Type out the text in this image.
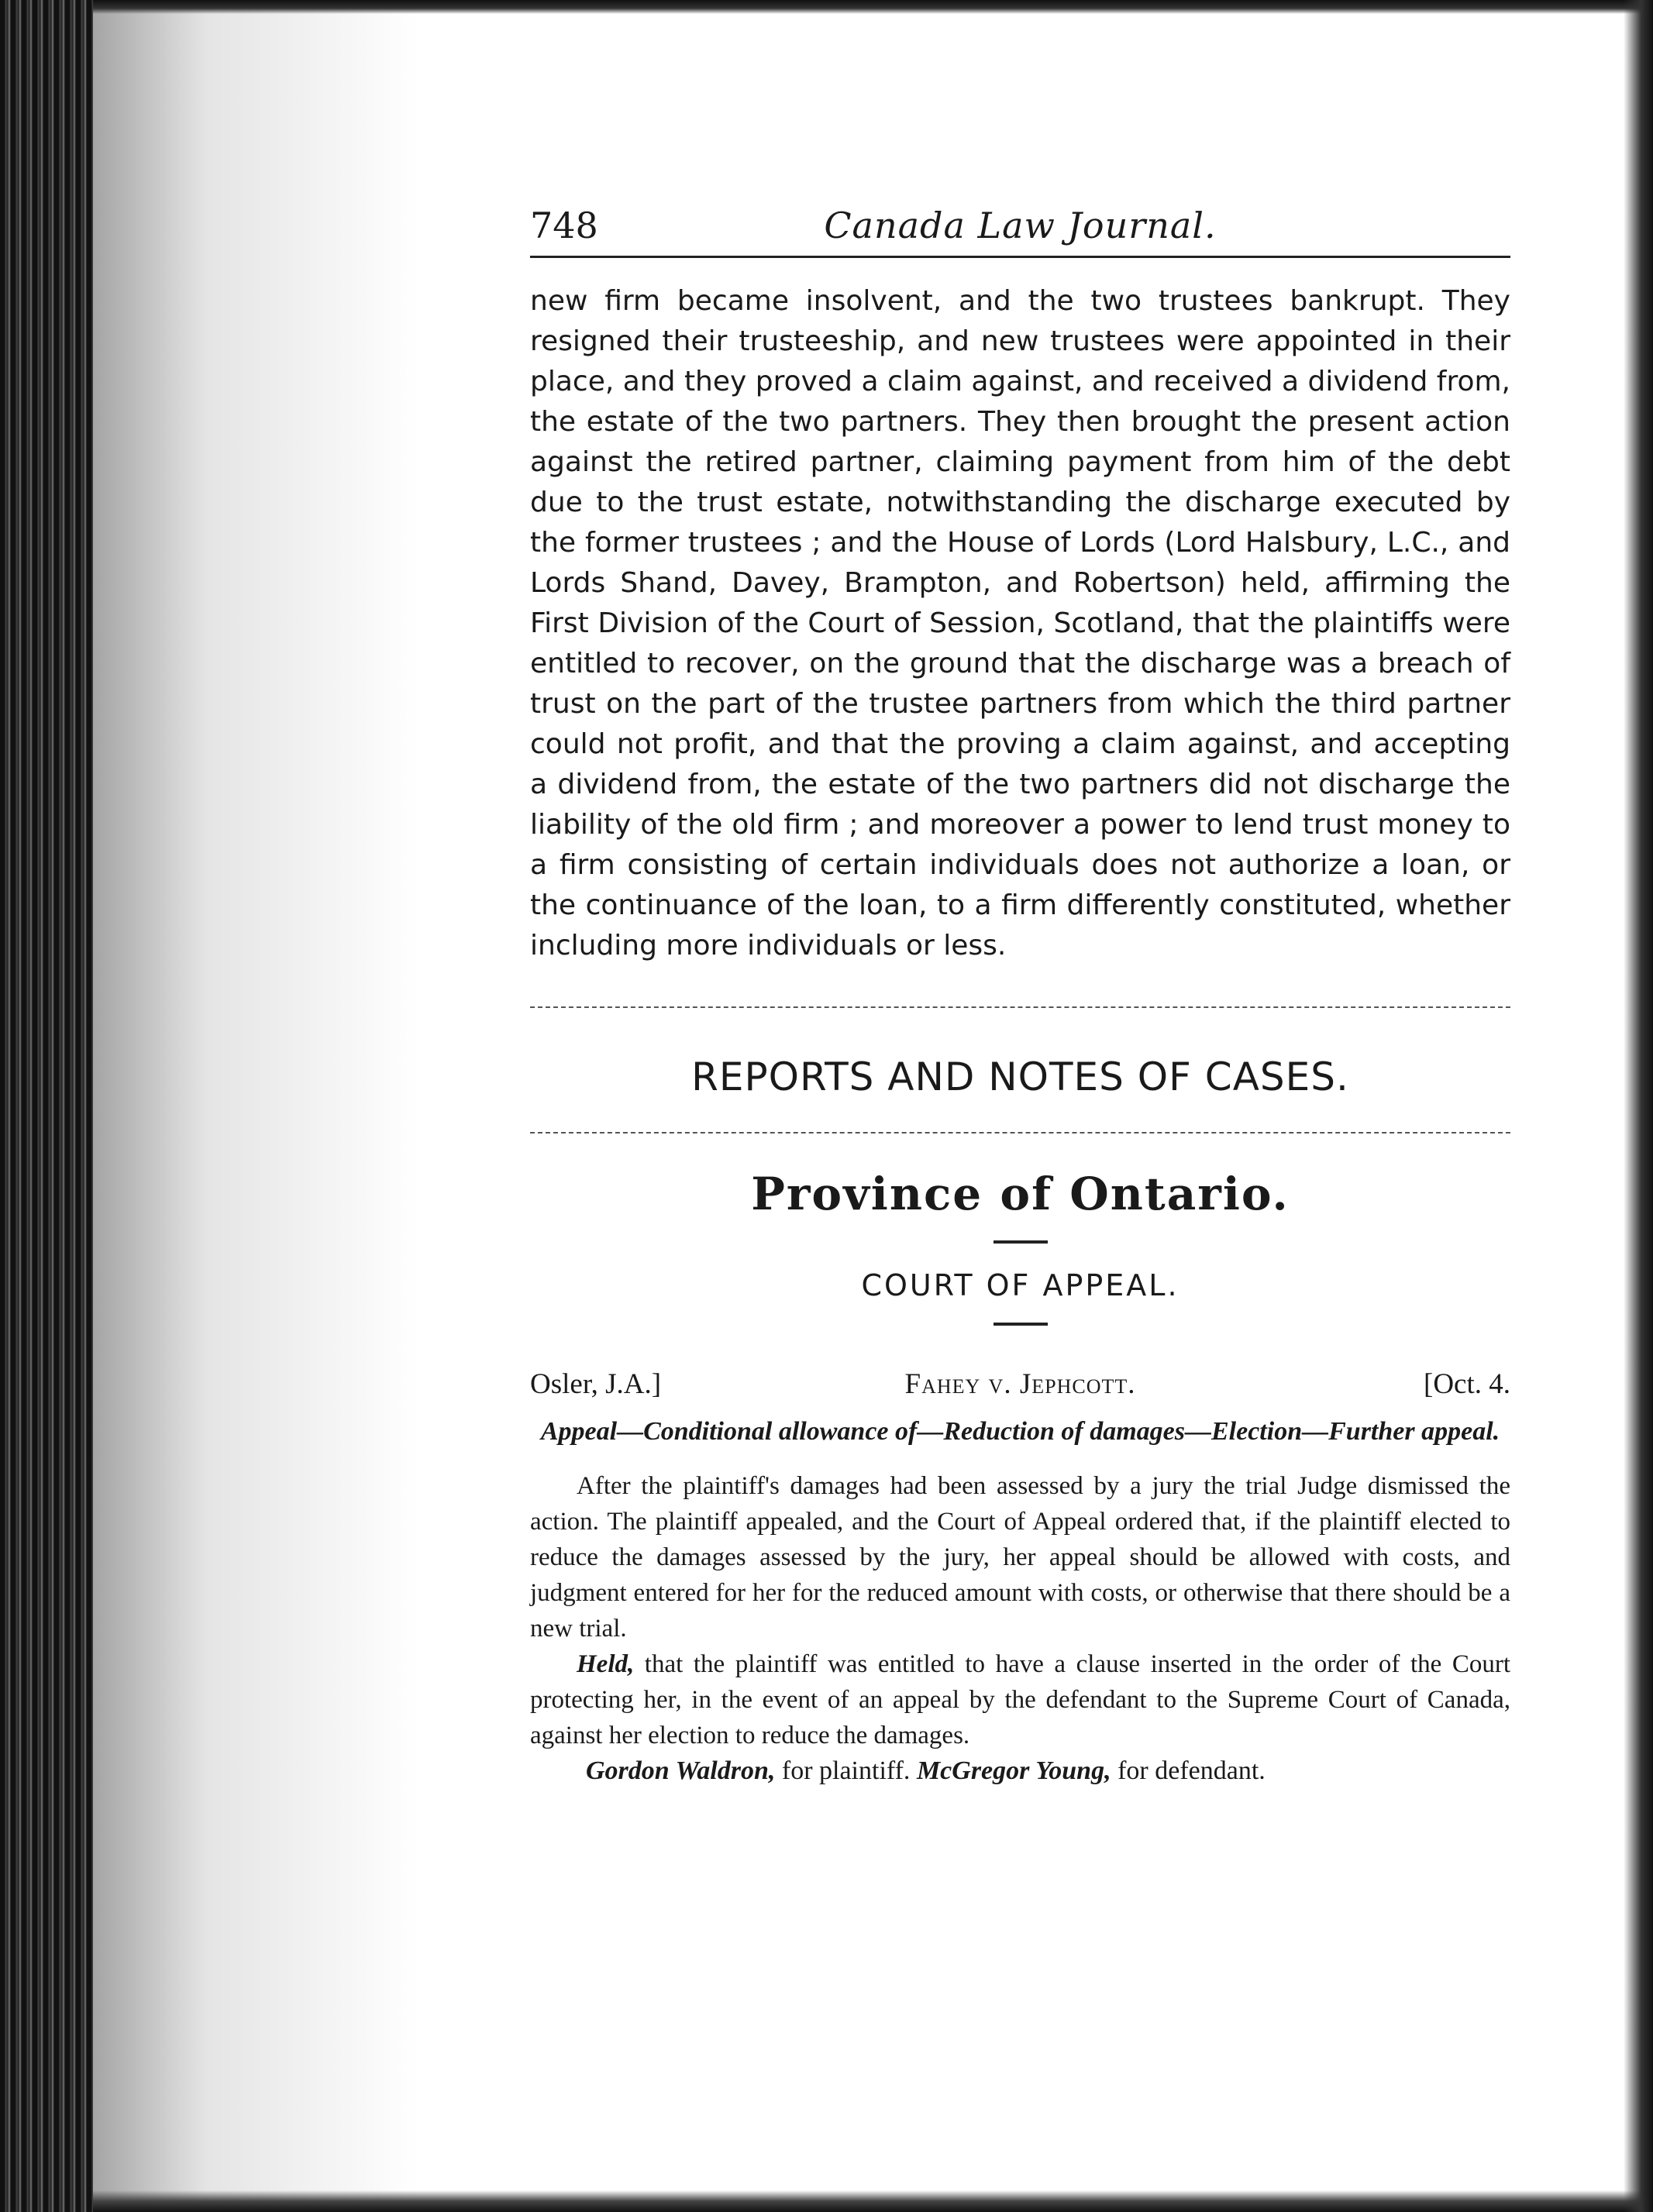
748	Canada Law Journal.

new firm became insolvent, and the two trustees bankrupt. They resigned their trusteeship, and new trustees were appointed in their place, and they proved a claim against, and received a dividend from, the estate of the two partners. They then brought the present action against the retired partner, claiming payment from him of the debt due to the trust estate, notwithstanding the discharge executed by the former trustees ; and the House of Lords (Lord Halsbury, L.C., and Lords Shand, Davey, Brampton, and Robertson) held, affirming the First Division of the Court of Session, Scotland, that the plaintiffs were entitled to recover, on the ground that the discharge was a breach of trust on the part of the trustee partners from which the third partner could not profit, and that the proving a claim against, and accepting a dividend from, the estate of the two partners did not discharge the liability of the old firm ; and moreover a power to lend trust money to a firm consisting of certain individuals does not authorize a loan, or the continuance of the loan, to a firm differently constituted, whether including more individuals or less.

REPORTS AND NOTES OF CASES.
Province of Ontario.
COURT OF APPEAL.
Osler, J.A.]	Fahey v. Jephcott.	[Oct. 4.
Appeal—Conditional allowance of—Reduction of damages—Election—Further appeal.

After the plaintiff's damages had been assessed by a jury the trial Judge dismissed the action. The plaintiff appealed, and the Court of Appeal ordered that, if the plaintiff elected to reduce the damages assessed by the jury, her appeal should be allowed with costs, and judgment entered for her for the reduced amount with costs, or otherwise that there should be a new trial.

Held, that the plaintiff was entitled to have a clause inserted in the order of the Court protecting her, in the event of an appeal by the defendant to the Supreme Court of Canada, against her election to reduce the damages.

Gordon Waldron, for plaintiff. McGregor Young, for defendant.
